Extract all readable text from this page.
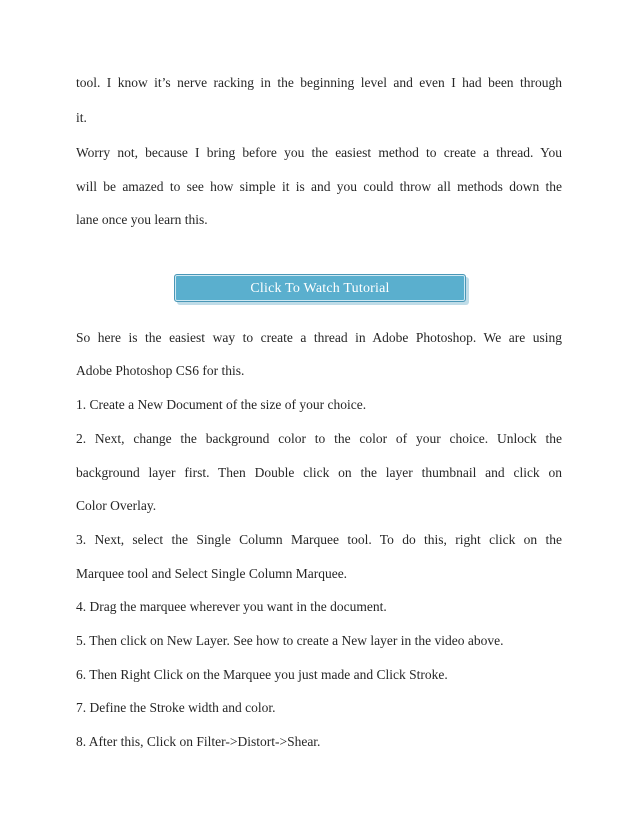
tool. I know it’s nerve racking in the beginning level and even I had been through

it.

Worry not, because I bring before you the easiest method to create a thread. You

will be amazed to see how simple it is and you could throw all methods down the

lane once you learn this.

Click To Watch Tutorial

So here is the easiest way to create a thread in Adobe Photoshop. We are using

Adobe Photoshop CS6 for this.

1. Create a New Document of the size of your choice.

2. Next, change the background color to the color of your choice. Unlock the

background layer first. Then Double click on the layer thumbnail and click on

Color Overlay.

3. Next, select the Single Column Marquee tool. To do this, right click on the

Marquee tool and Select Single Column Marquee.

4. Drag the marquee wherever you want in the document.

5. Then click on New Layer. See how to create a New layer in the video above.

6. Then Right Click on the Marquee you just made and Click Stroke.

7. Define the Stroke width and color.

8. After this, Click on Filter->Distort->Shear.
